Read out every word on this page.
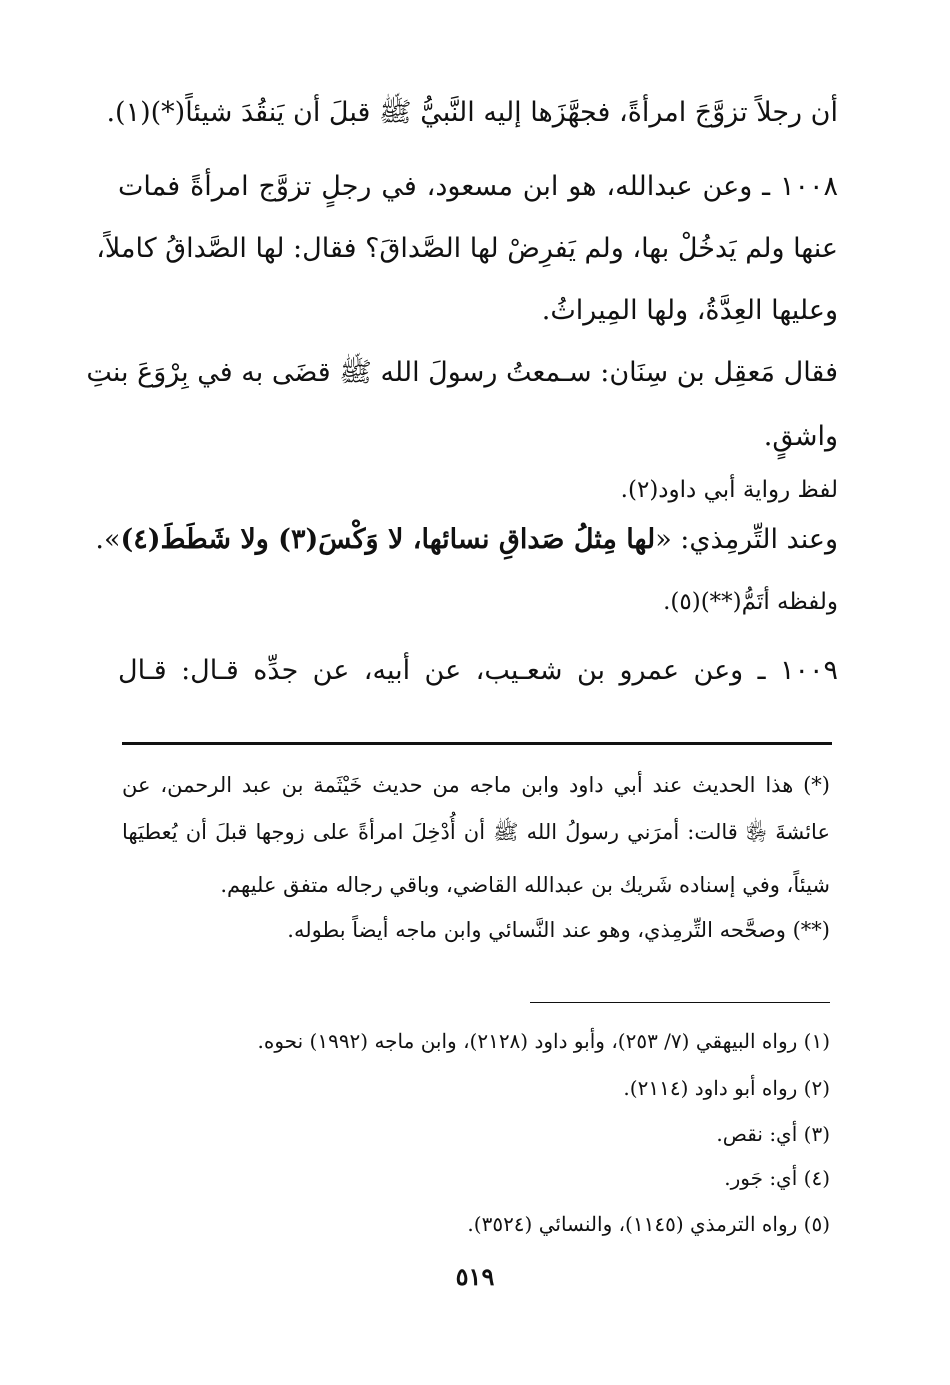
أن رجلاً تزوَّجَ امرأةً، فجهَّزَها إليه النَّبيُّ ﷺ قبلَ أن يَنقُدَ شيئاً(*)(١).
١٠٠٨ ـ وعن عبدالله، هو ابن مسعود، في رجلٍ تزوَّج امرأةً فمات
عنها ولم يَدخُلْ بها، ولم يَفرِضْ لها الصَّداقَ؟ فقال: لها الصَّداقُ كاملاً،
وعليها العِدَّةُ، ولها المِيراثُ.
فقال مَعقِل بن سِنَان: سـمعتُ رسولَ الله ﷺ قضَى به في بِرْوَعَ بنتِ
واشقٍ.
لفظ رواية أبي داود(٢).
وعند التِّرمِذي: «لها مِثلُ صَداقِ نسائها، لا وَكْسَ(٣) ولا شَطَطَ(٤)».
ولفظه أتَمُّ(**)(٥).
١٠٠٩ ـ وعن عمرو بن شعـيب، عن أبيه، عن جدِّه قـال: قـال
(*) هذا الحديث عند أبي داود وابن ماجه من حديث خَيْثَمة بن عبد الرحمن، عن
عائشةَ ﵂ قالت: أمرَني رسولُ الله ﷺ أن أُدْخِلَ امرأةً على زوجها قبلَ أن يُعطيَها
شيئاً، وفي إسناده شَريك بن عبدالله القاضي، وباقي رجاله متفق عليهم.
(**) وصحَّحه التِّرمِذي، وهو عند النَّسائي وابن ماجه أيضاً بطوله.
(١) رواه البيهقي (٧/ ٢٥٣)، وأبو داود (٢١٢٨)، وابن ماجه (١٩٩٢) نحوه.
(٢) رواه أبو داود (٢١١٤).
(٣) أي: نقص.
(٤) أي: جَور.
(٥) رواه الترمذي (١١٤٥)، والنسائي (٣٥٢٤).
٥١٩
